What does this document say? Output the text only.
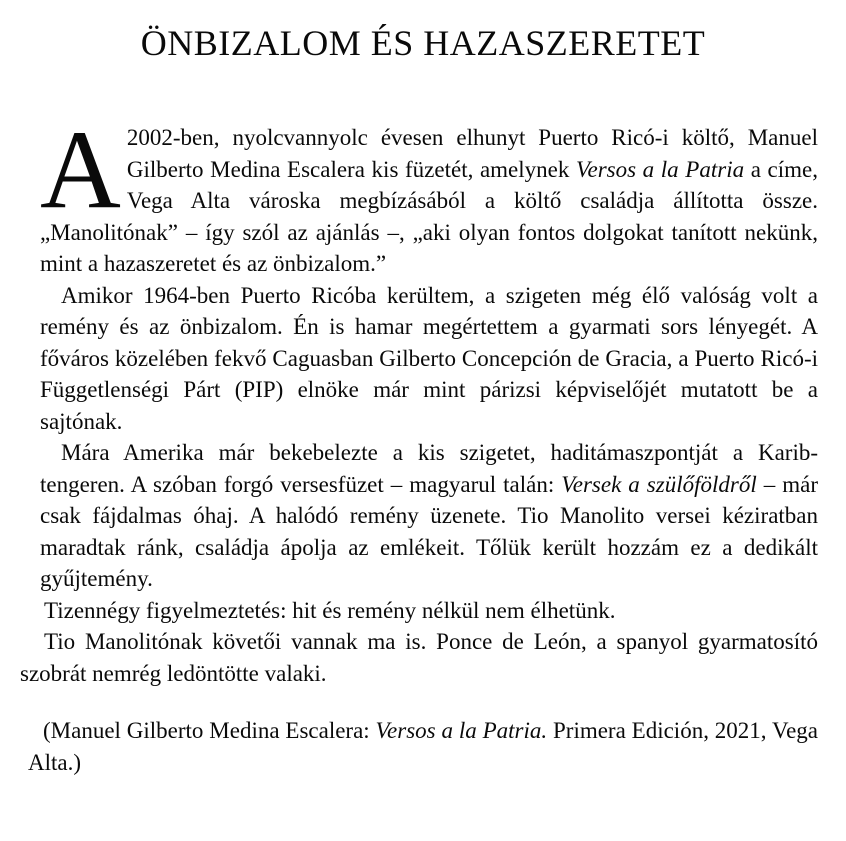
ÖNBIZALOM ÉS HAZASZERETET

A 2002-ben, nyolcvannyolc évesen elhunyt Puerto Ricó-i költő, Manuel Gilberto Medina Escalera kis füzetét, amelynek Versos a la Patria a címe, Vega Alta városka megbízásából a költő családja állította össze. „Manolitónak” – így szól az ajánlás –, „aki olyan fontos dolgokat tanított nekünk, mint a hazaszeretet és az önbizalom.”

Amikor 1964-ben Puerto Ricóba kerültem, a szigeten még élő valóság volt a remény és az önbizalom. Én is hamar megértettem a gyarmati sors lényegét. A főváros közelében fekvő Caguasban Gilberto Concepción de Gracia, a Puerto Ricó-i Függetlenségi Párt (PIP) elnöke már mint párizsi képviselőjét mutatott be a sajtónak.

Mára Amerika már bekebelezte a kis szigetet, haditámaszpontját a Karib-tengeren. A szóban forgó versesfüzet – magyarul talán: Versek a szülőföldről – már csak fájdalmas óhaj. A halódó remény üzenete. Tio Manolito versei kéziratban maradtak ránk, családja ápolja az emlékeit. Tőlük került hozzám ez a dedikált gyűjtemény.

Tizennégy figyelmeztetés: hit és remény nélkül nem élhetünk.

Tio Manolitónak követői vannak ma is. Ponce de León, a spanyol gyarmatosító szobrát nemrég ledöntötte valaki.

(Manuel Gilberto Medina Escalera: Versos a la Patria. Primera Edición, 2021, Vega Alta.)
